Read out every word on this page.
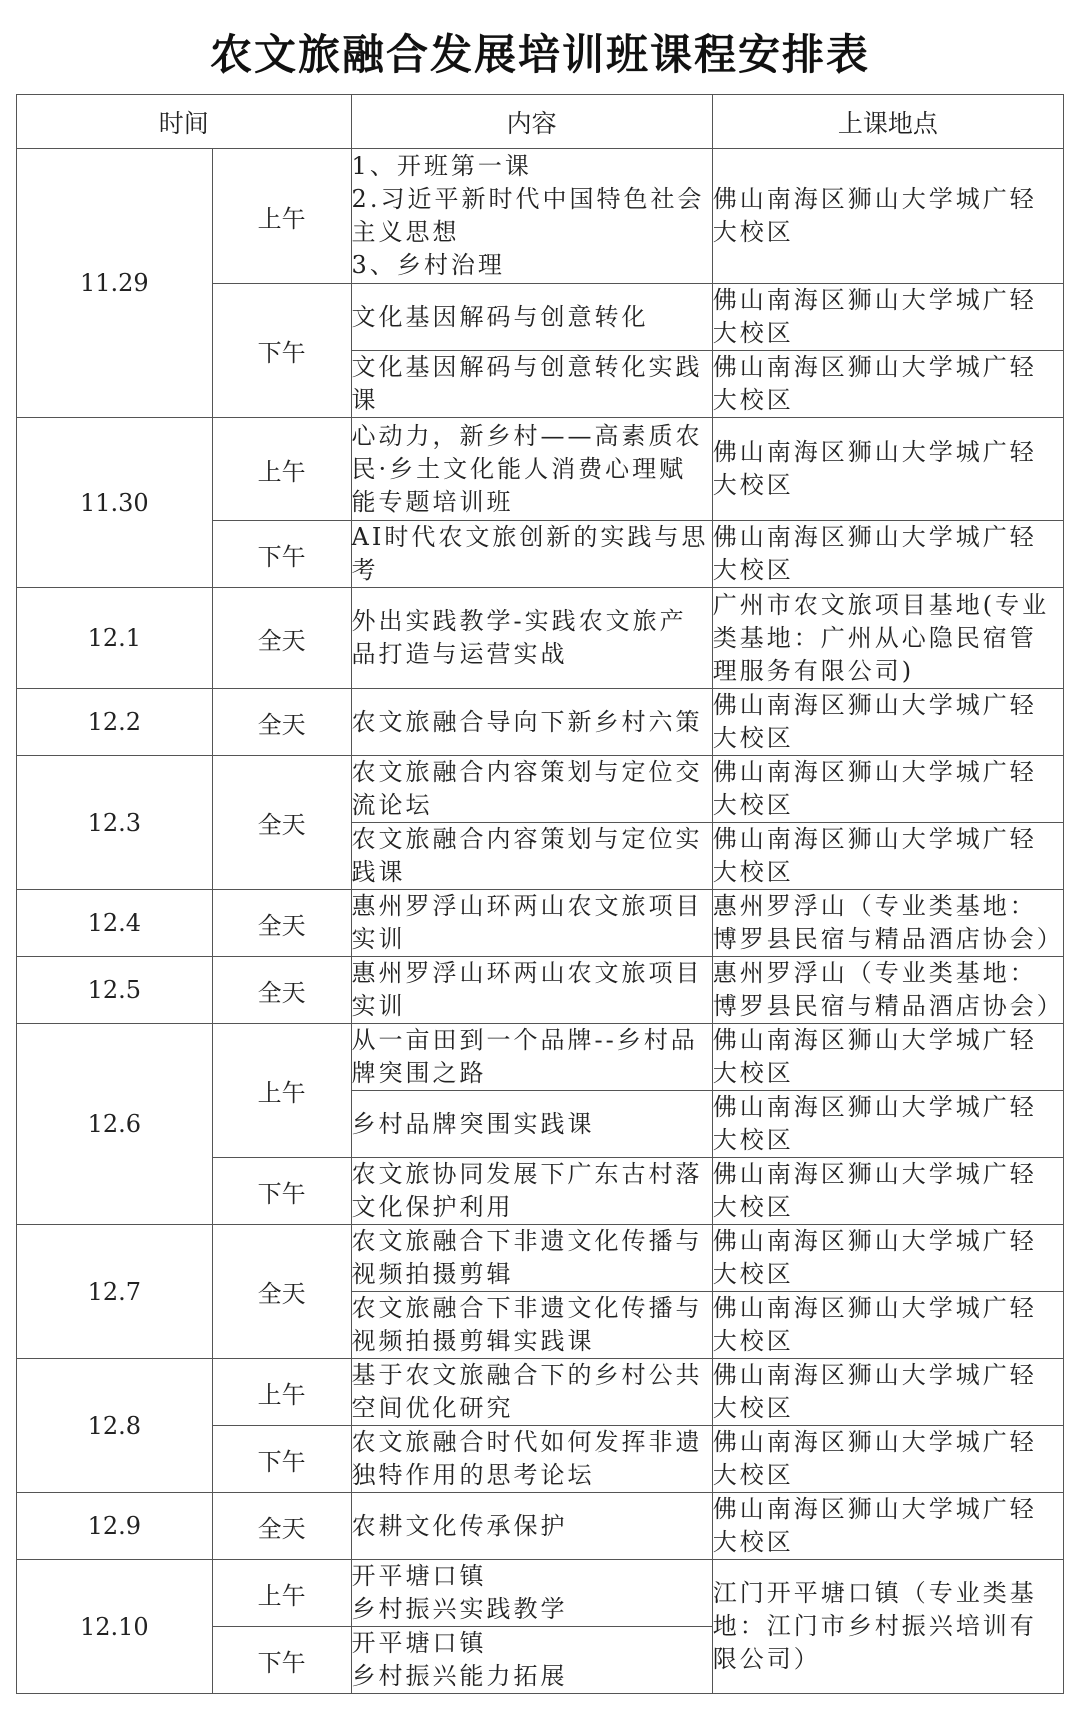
农文旅融合发展培训班课程安排表
时间		内容	上课地点
11.29	上午	1、开班第一课
2.习近平新时代中国特色社会主义思想
3、乡村治理	佛山南海区狮山大学城广轻大校区
	下午	文化基因解码与创意转化	佛山南海区狮山大学城广轻大校区
		文化基因解码与创意转化实践课	佛山南海区狮山大学城广轻大校区
11.30	上午	心动力，新乡村——高素质农民·乡土文化能人消费心理赋能专题培训班	佛山南海区狮山大学城广轻大校区
	下午	AI时代农文旅创新的实践与思考	佛山南海区狮山大学城广轻大校区
12.1	全天	外出实践教学-实践农文旅产品打造与运营实战	广州市农文旅项目基地(专业类基地：广州从心隐民宿管理服务有限公司)
12.2	全天	农文旅融合导向下新乡村六策	佛山南海区狮山大学城广轻大校区
12.3	全天	农文旅融合内容策划与定位交流论坛	佛山南海区狮山大学城广轻大校区
		农文旅融合内容策划与定位实践课	佛山南海区狮山大学城广轻大校区
12.4	全天	惠州罗浮山环两山农文旅项目实训	惠州罗浮山（专业类基地：博罗县民宿与精品酒店协会）
12.5	全天	惠州罗浮山环两山农文旅项目实训	惠州罗浮山（专业类基地：博罗县民宿与精品酒店协会）
12.6	上午	从一亩田到一个品牌--乡村品牌突围之路	佛山南海区狮山大学城广轻大校区
		乡村品牌突围实践课	佛山南海区狮山大学城广轻大校区
	下午	农文旅协同发展下广东古村落文化保护利用	佛山南海区狮山大学城广轻大校区
12.7	全天	农文旅融合下非遗文化传播与视频拍摄剪辑	佛山南海区狮山大学城广轻大校区
		农文旅融合下非遗文化传播与视频拍摄剪辑实践课	佛山南海区狮山大学城广轻大校区
12.8	上午	基于农文旅融合下的乡村公共空间优化研究	佛山南海区狮山大学城广轻大校区
	下午	农文旅融合时代如何发挥非遗独特作用的思考论坛	佛山南海区狮山大学城广轻大校区
12.9	全天	农耕文化传承保护	佛山南海区狮山大学城广轻大校区
12.10	上午	开平塘口镇
乡村振兴实践教学	江门开平塘口镇（专业类基地：江门市乡村振兴培训有限公司）
	下午	开平塘口镇
乡村振兴能力拓展	
